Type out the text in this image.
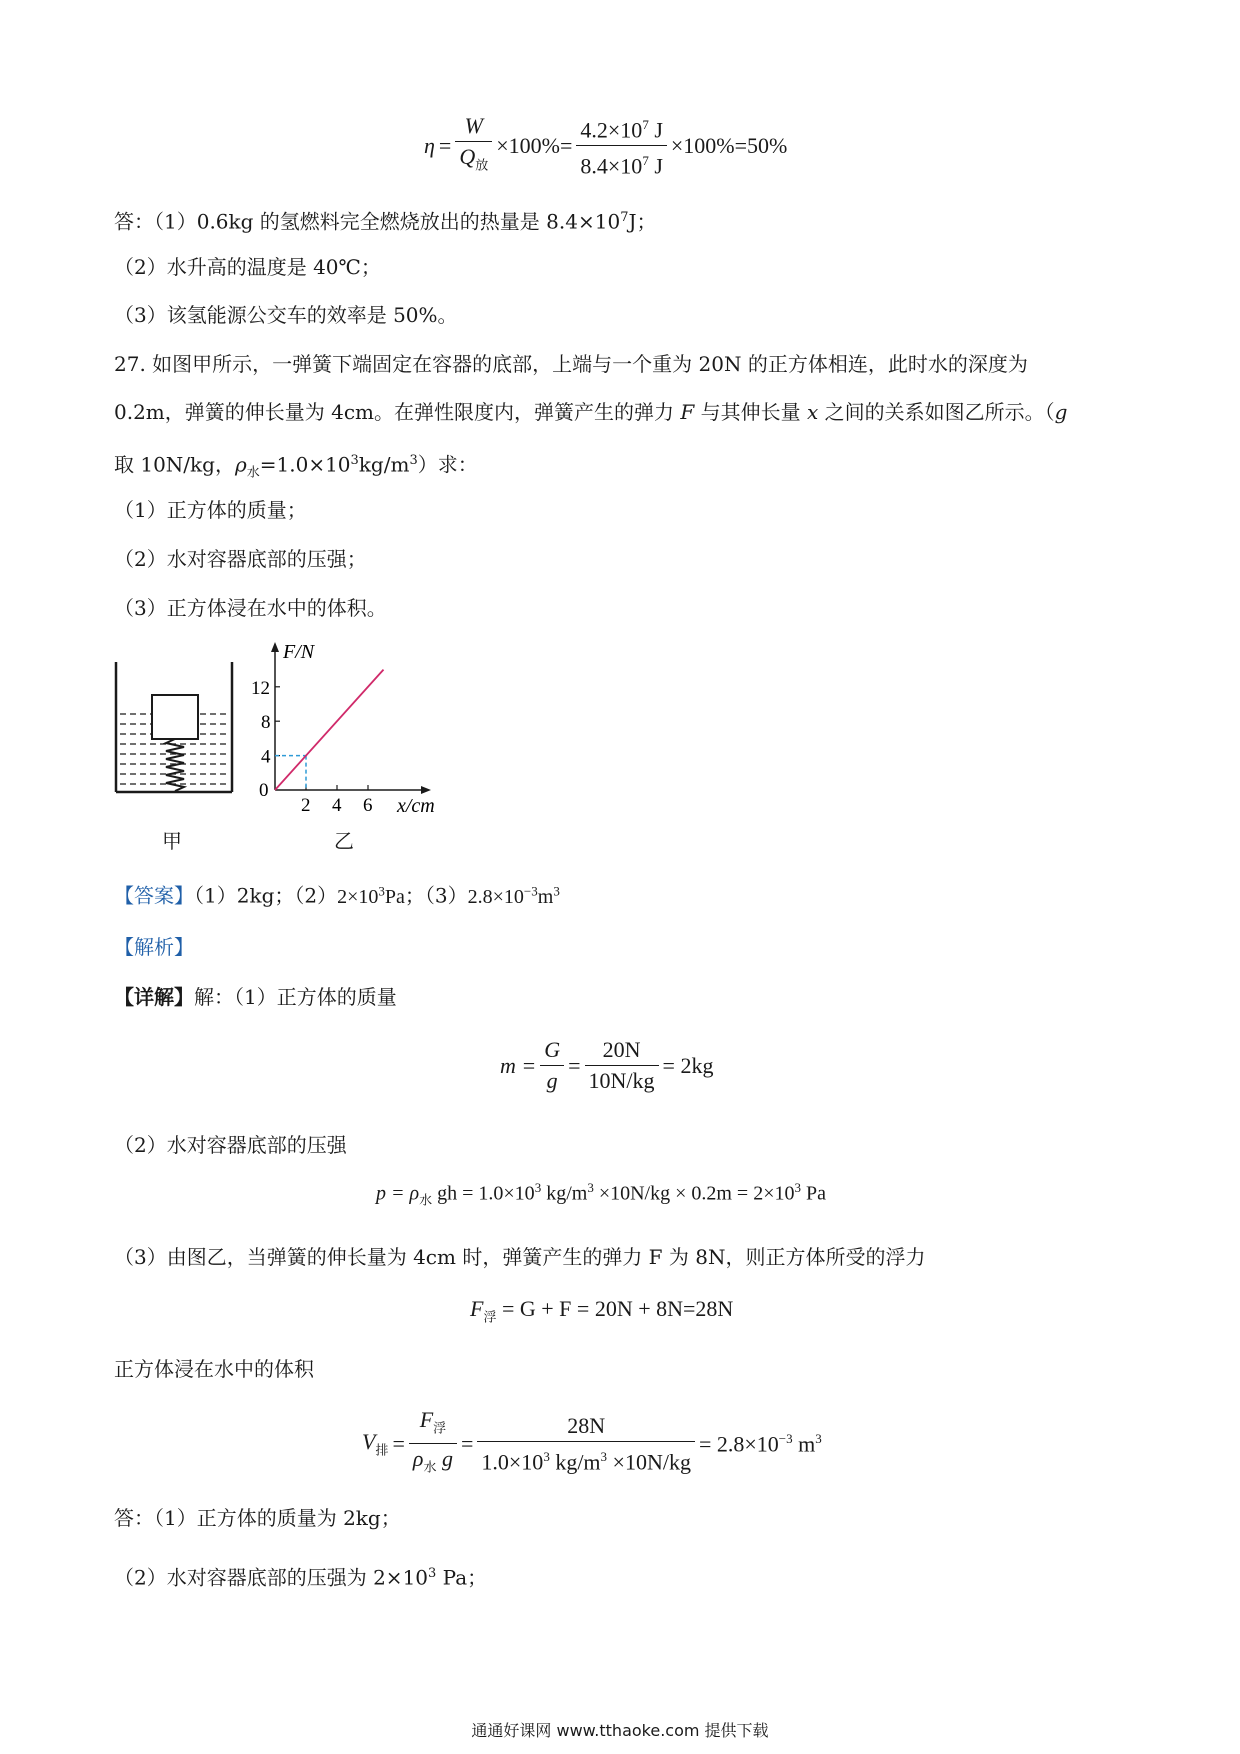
$\eta = \frac{W}{Q_放} \times 100\%= \frac{4.2\times 10^7 J}{8.4\times 10^7 J} \times 100\%=50\%$
答：（1）0.6kg 的氢燃料完全燃烧放出的热量是 $8.4\times 10^7J$；
（2）水升高的温度是 40℃；
（3）该氢能源公交车的效率是 50%。
27. 如图甲所示，一弹簧下端固定在容器的底部，上端与一个重为 20N 的正方体相连，此时水的深度为
0.2m，弹簧的伸长量为 4cm。在弹性限度内，弹簧产生的弹力 F 与其伸长量 x 之间的关系如图乙所示。（g
取 10N/kg，$\rho_水=1.0\times 10^3kg/m^3$）求：
（1）正方体的质量；
（2）水对容器底部的压强；
（3）正方体浸在水中的体积。
甲
F/N
x/cm
0
2 4 6
4
8
12
乙
【答案】（1）2kg；$(2)2\times 10^3Pa$；$(3)2.8\times 10^{-3}m^3$
【解析】
【详解】解：（1）正方体的质量
$m = \frac{G}{g} = \frac{20N}{10N/kg} = 2kg$
（2）水对容器底部的压强
$p = \rho_水$ gh = $1.0\times 10^3$ $kg/m^3 \times 10N/kg \times 0.2m = 2\times 10^3$ Pa
（3）由图乙，当弹簧的伸长量为 4cm 时，弹簧产生的弹力 F 为 8N，则正方体所受的浮力
$F_浮 = G + F = 20N + 8N=28N$
正方体浸在水中的体积
$V_排 = \frac{F_浮}{\rho_水 g} = \frac{28N}{1.0\times 10^3 kg/m^3 \times 10N/kg} = 2.8\times 10^{-3}$ $m^3$
答：（1）正方体的质量为 2kg；
（2）水对容器底部的压强为 $2\times 10^3$ Pa；
通通好课网 www.tthaoke.com 提供下载
